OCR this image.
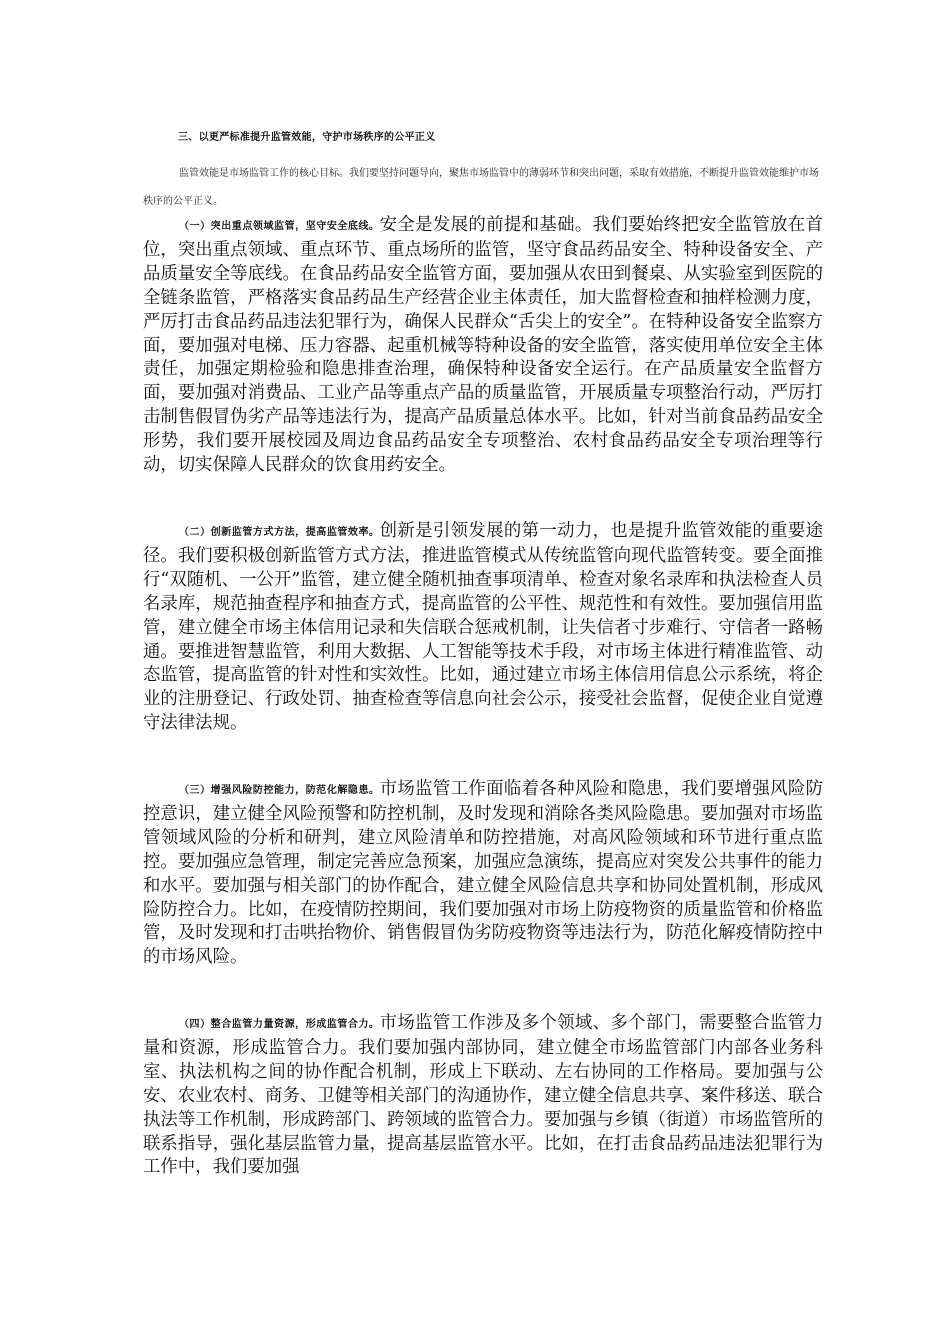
三、以更严标准提升监管效能，守护市场秩序的公平正义
监管效能是市场监管工作的核心目标。我们要坚持问题导向，聚焦市场监管中的薄弱环节和突出问题，采取有效措施，不断提升监管效能维护市场秩序的公平正义。
（一）突出重点领域监管，坚守安全底线。安全是发展的前提和基础。我们要始终把安全监管放在首位，突出重点领域、重点环节、重点场所的监管，坚守食品药品安全、特种设备安全、产品质量安全等底线。在食品药品安全监管方面，要加强从农田到餐桌、从实验室到医院的全链条监管，严格落实食品药品生产经营企业主体责任，加大监督检查和抽样检测力度，严厉打击食品药品违法犯罪行为，确保人民群众“舌尖上的安全”。在特种设备安全监察方面，要加强对电梯、压力容器、起重机械等特种设备的安全监管，落实使用单位安全主体责任，加强定期检验和隐患排查治理，确保特种设备安全运行。在产品质量安全监督方面，要加强对消费品、工业产品等重点产品的质量监管，开展质量专项整治行动，严厉打击制售假冒伪劣产品等违法行为，提高产品质量总体水平。比如，针对当前食品药品安全形势，我们要开展校园及周边食品药品安全专项整治、农村食品药品安全专项治理等行动，切实保障人民群众的饮食用药安全。
（二）创新监管方式方法，提高监管效率。创新是引领发展的第一动力，也是提升监管效能的重要途径。我们要积极创新监管方式方法，推进监管模式从传统监管向现代监管转变。要全面推行“双随机、一公开”监管，建立健全随机抽查事项清单、检查对象名录库和执法检查人员名录库，规范抽查程序和抽查方式，提高监管的公平性、规范性和有效性。要加强信用监管，建立健全市场主体信用记录和失信联合惩戒机制，让失信者寸步难行、守信者一路畅通。要推进智慧监管，利用大数据、人工智能等技术手段，对市场主体进行精准监管、动态监管，提高监管的针对性和实效性。比如，通过建立市场主体信用信息公示系统，将企业的注册登记、行政处罚、抽查检查等信息向社会公示，接受社会监督，促使企业自觉遵守法律法规。
（三）增强风险防控能力，防范化解隐患。市场监管工作面临着各种风险和隐患，我们要增强风险防控意识，建立健全风险预警和防控机制，及时发现和消除各类风险隐患。要加强对市场监管领域风险的分析和研判，建立风险清单和防控措施，对高风险领域和环节进行重点监控。要加强应急管理，制定完善应急预案，加强应急演练，提高应对突发公共事件的能力和水平。要加强与相关部门的协作配合，建立健全风险信息共享和协同处置机制，形成风险防控合力。比如，在疫情防控期间，我们要加强对市场上防疫物资的质量监管和价格监管，及时发现和打击哄抬物价、销售假冒伪劣防疫物资等违法行为，防范化解疫情防控中的市场风险。
（四）整合监管力量资源，形成监管合力。市场监管工作涉及多个领域、多个部门，需要整合监管力量和资源，形成监管合力。我们要加强内部协同，建立健全市场监管部门内部各业务科室、执法机构之间的协作配合机制，形成上下联动、左右协同的工作格局。要加强与公安、农业农村、商务、卫健等相关部门的沟通协作，建立健全信息共享、案件移送、联合执法等工作机制，形成跨部门、跨领域的监管合力。要加强与乡镇（街道）市场监管所的联系指导，强化基层监管力量，提高基层监管水平。比如，在打击食品药品违法犯罪行为工作中，我们要加强
